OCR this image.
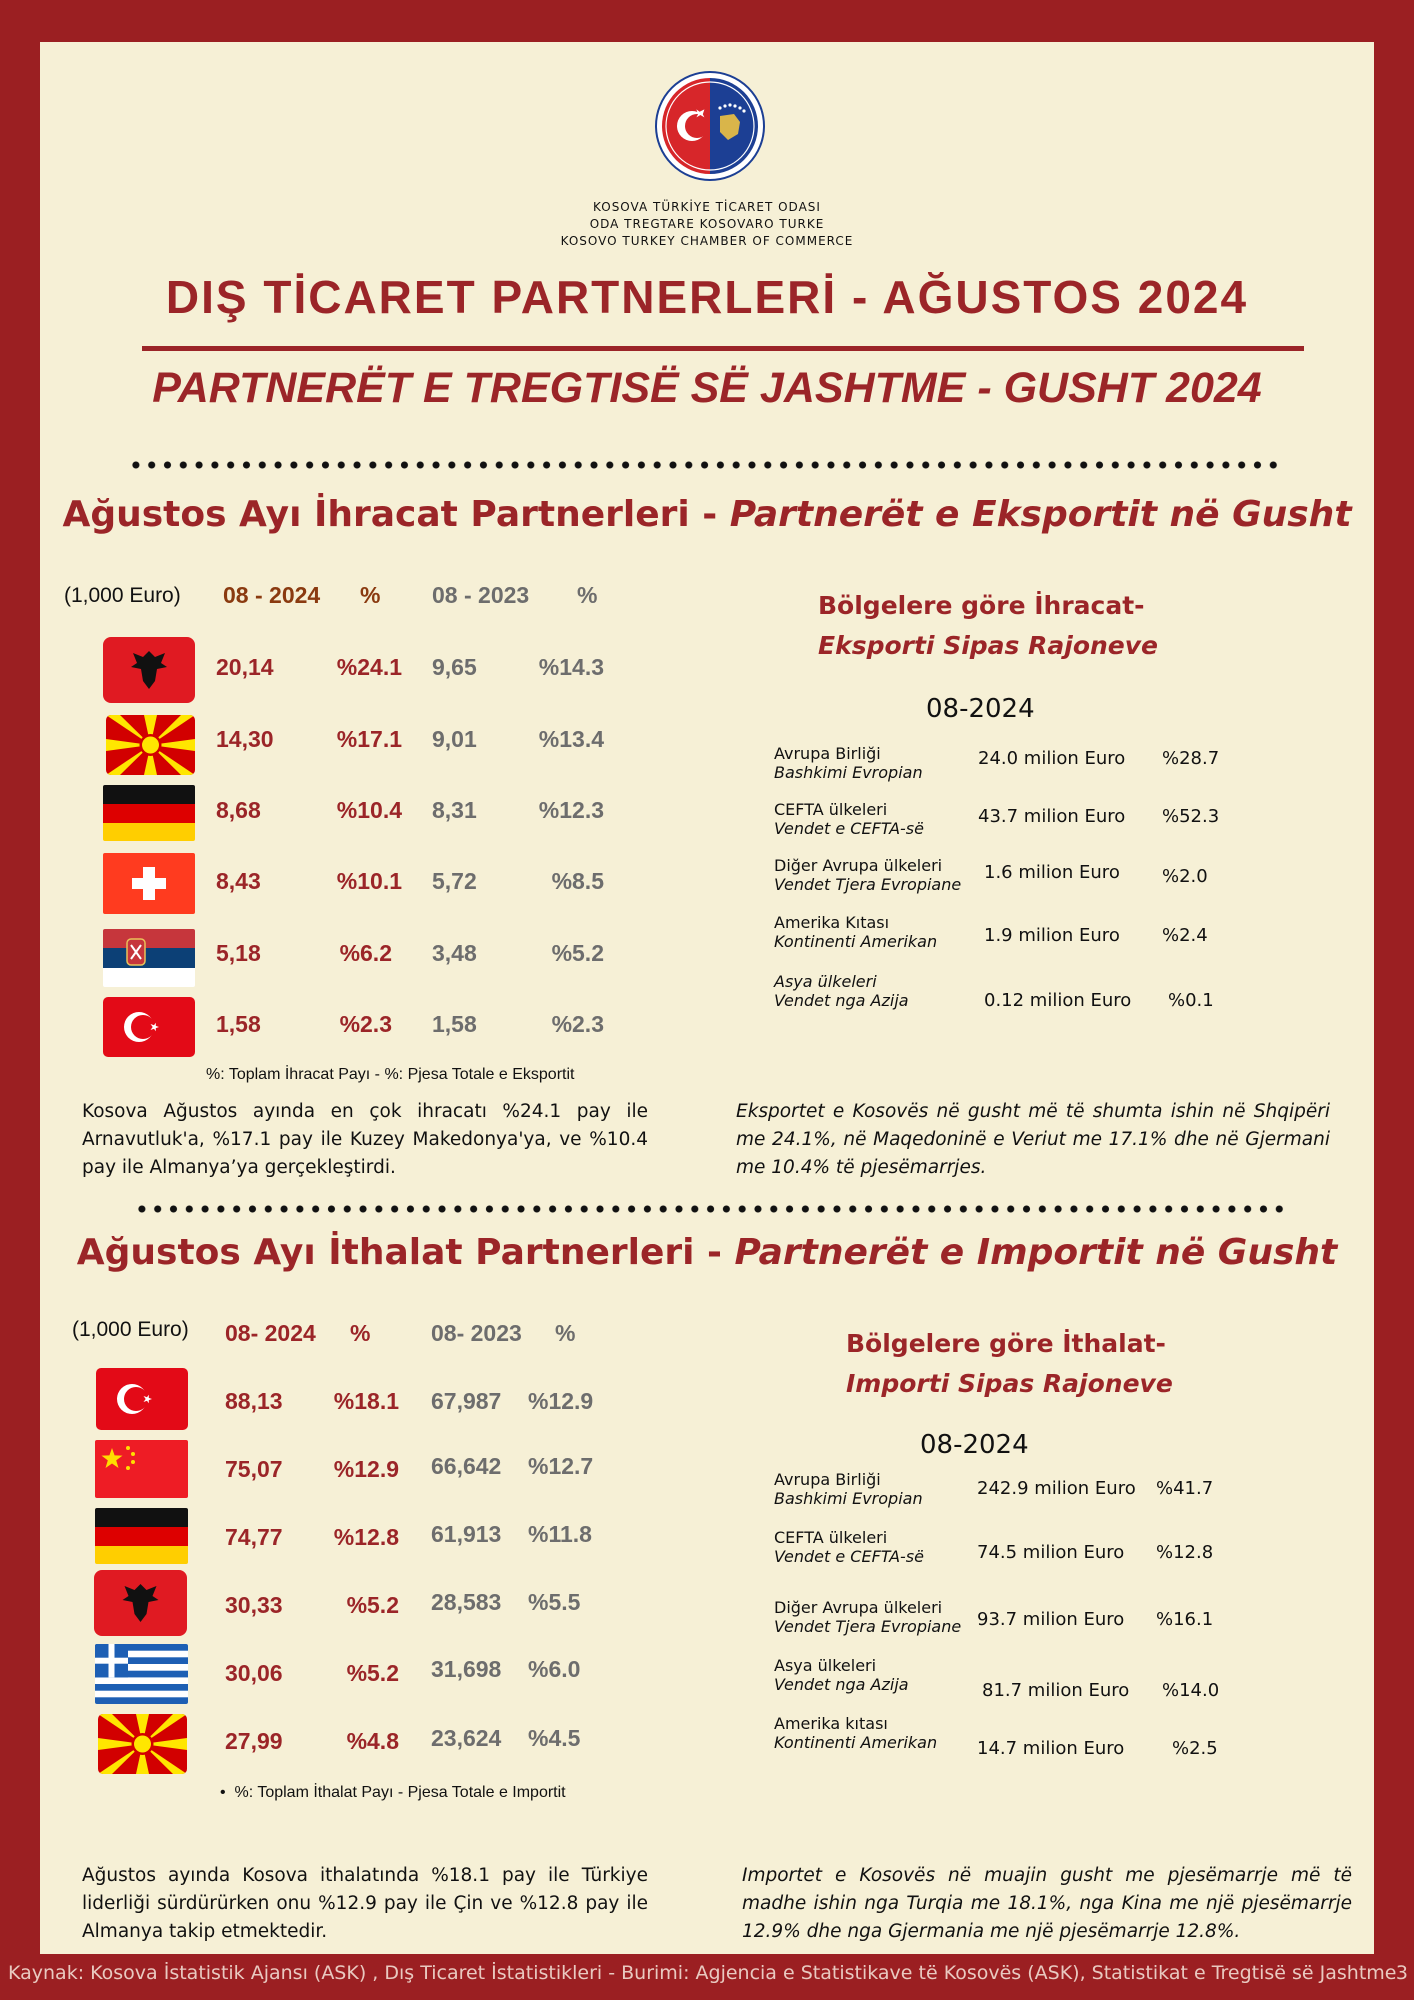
KOSOVA TÜRKİYE TİCARET ODASI
ODA TREGTARE KOSOVARO TURKE
KOSOVO TURKEY CHAMBER OF COMMERCE
DIŞ TİCARET PARTNERLERİ - AĞUSTOS 2024
PARTNERËT E TREGTISË SË JASHTME - GUSHT 2024
Ağustos Ayı İhracat Partnerleri - Partnerët e Eksportit në Gusht
(1,000 Euro) 08 - 2024 % 08 - 2023 %
20,14	%24.1 9,65	%14.3
14,30	%17.1 9,01	%13.4
8,68	%10.4 8,31	%12.3
8,43	%10.1 5,72	%8.5
5,18	%6.2 3,48	%5.2
1,58	%2.3 1,58	%2.3
%: Toplam İhracat Payı - %: Pjesa Totale e Eksportit
Kosova Ağustos ayında en çok ihracatı %24.1 pay ile Arnavutluk'a, %17.1 pay ile Kuzey Makedonya'ya, ve %10.4 pay ile Almanya’ya gerçekleştirdi.
Eksportet e Kosovës në gusht më të shumta ishin në Shqipëri me 24.1%, në Maqedoninë e Veriut me 17.1% dhe në Gjermani me 10.4% të pjesëmarrjes.
Bölgelere göre İhracat-
Eksporti Sipas Rajoneve
08-2024
Avrupa Birliği
Bashkimi Evropian
24.0 milion Euro %28.7
CEFTA ülkeleri
Vendet e CEFTA-së
43.7 milion Euro %52.3
Diğer Avrupa ülkeleri
Vendet Tjera Evropiane
1.6 milion Euro %2.0
Amerika Kıtası
Kontinenti Amerikan	1.9 milion Euro %2.4
Asya ülkeleri
Vendet nga Azija	0.12 milion Euro %0.1
Ağustos Ayı İthalat Partnerleri - Partnerët e Importit në Gusht
(1,000 Euro) 08- 2024 %	08- 2023 %
88,13	%18.1 67,987 %12.9
75,07	%12.9 66,642 %12.7
74,77	%12.8 61,913 %11.8
30,33	%5.2 28,583 %5.5
30,06	%5.2 31,698 %6.0
27,99	%4.8 23,624 %4.5
•  %: Toplam İthalat Payı - Pjesa Totale e Importit
Ağustos ayında Kosova ithalatında %18.1 pay ile Türkiye liderliği sürdürürken onu %12.9 pay ile Çin ve %12.8 pay ile Almanya takip etmektedir.
Importet e Kosovës në muajin gusht me pjesëmarrje më të madhe ishin nga Turqia me 18.1%, nga Kina me një pjesëmarrje 12.9% dhe nga Gjermania me një pjesëmarrje 12.8%.
Bölgelere göre İthalat-
Importi Sipas Rajoneve
08-2024
Avrupa Birliği
Bashkimi Evropian	242.9 milion Euro %41.7
CEFTA ülkeleri
Vendet e CEFTA-së	74.5 milion Euro %12.8
Diğer Avrupa ülkeleri
Vendet Tjera Evropiane 93.7 milion Euro %16.1
Asya ülkeleri
Vendet nga Azija	81.7 milion Euro %14.0
Amerika kıtası
Kontinenti Amerikan 14.7 milion Euro	%2.5
Kaynak: Kosova İstatistik Ajansı (ASK) , Dış Ticaret İstatistikleri - Burimi: Agjencia e Statistikave të Kosovës (ASK), Statistikat e Tregtisë së Jashtme 3
